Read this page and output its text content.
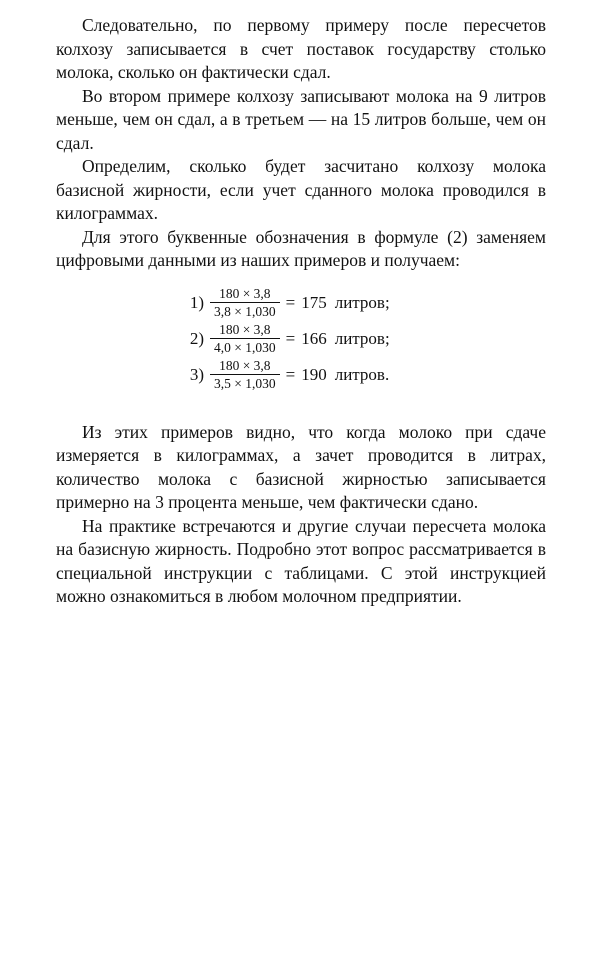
Следовательно, по первому примеру после пересчетов колхозу записывается в счет поставок государству столько молока, сколько он фактически сдал.

Во втором примере колхозу записывают молока на 9 литров меньше, чем он сдал, а в третьем — на 15 литров больше, чем он сдал.

Определим, сколько будет засчитано колхозу молока базисной жирности, если учет сданного молока проводился в килограммах.

Для этого буквенные обозначения в формуле (2) заменяем цифровыми данными из наших примеров и получаем:

$1) \frac{180 \times 3,8}{3,8 \times 1,030} = 175$ литров;
$2) \frac{180 \times 3,8}{4,0 \times 1,030} = 166$ литров;
$3) \frac{180 \times 3,8}{3,5 \times 1,030} = 190$ литров.

Из этих примеров видно, что когда молоко при сдаче измеряется в килограммах, а зачет проводится в литрах, количество молока с базисной жирностью записывается примерно на 3 процента меньше, чем фактически сдано.

На практике встречаются и другие случаи пересчета молока на базисную жирность. Подробно этот вопрос рассматривается в специальной инструкции с таблицами. С этой инструкцией можно ознакомиться в любом молочном предприятии.
